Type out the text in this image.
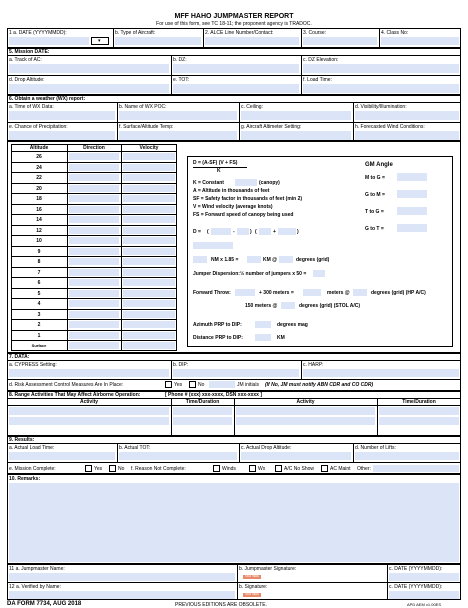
MFF HAHO JUMPMASTER REPORT
For use of this form, see TC 18-11; the proponent agency is TRADOC.
1 a. DATE (YYYYMMDD):
▾
b. Type of Aircraft:	2. ALCE Line Number/Contact:	3. Course:	4. Class No:
5. Mission DATE:
a. Track of AC:	b. DZ:	c. DZ Elevation:
d. Drop Altitude:	e. TOT:	f. Load Time:
6. Obtain a weather (WX) report:
a. Time of WX Data:	b. Name of WX POC:	c. Ceiling:	d. Visibility/Illumination:
e. Chance of Precipitation:	f. Surface/Altitude Temp:	g. Aircraft Altimeter Setting:	h. Forecasted Wind Conditions:
Altitude	Direction	Velocity
26
24
22
20
18
16
14
12
10
9
8
7
6
5
4
3
2
1
Surface
D = (A-SF) (V + FS)
K
K = Constant	(canopy)
A = Altitude in thousands of feet
SF = Safety factor in thousands of feet (min 2)
V = Wind velocity (average knots)
FS = Forward speed of canopy being used
D = (	-	) (	+	)
NM x 1.85 =	KM @	degrees (grid)
Jumper Dispersion: ½ number of jumpers x 50 =
Forward Throw:	+ 300 meters =	meters @	degrees (grid) (HP A/C)
150 meters @	degrees (grid) (STOL A/C)
Azimuth PRP to DIP:	degrees mag
Distance PRP to DIP:	KM
GM Angle
M to G =
G to M =
T to G =
G to T =
7. DATA:
a. CYPRESS Setting:	b. DIP:	c. HARP:
d. Risk Assessment Control Measures Are In Place:	Yes	No	JM initials (If No, JM must notify ABN CDR and CO CDR)
8. Range Activities That May Affect Airborne Operation:	[ Phone # (xxx) xxx-xxxx, DSN xxx-xxxx ]
Activity	Time/Duration	Activity	Time/Duration
9. Results:
a. Actual Load Time:	b. Actual TOT:	c. Actual Drop Altitude:	d. Number of Lifts:
e. Mission Complete:	Yes	No f. Reason Not Complete:	Winds	Wx	A/C No Show	AC Maint Other:
10. Remarks:
11 a. Jumpmaster Name:	b. Jumpmaster Signature:
SIGN HERE
c. DATE (YYYYMMDD):
12 a. Verified by Name:	b. Signature:
SIGN HERE
c. DATE (YYYYMMDD):
DA FORM 7734, AUG 2018	PREVIOUS EDITIONS ARE OBSOLETE.	APD AEM v1.00ES
